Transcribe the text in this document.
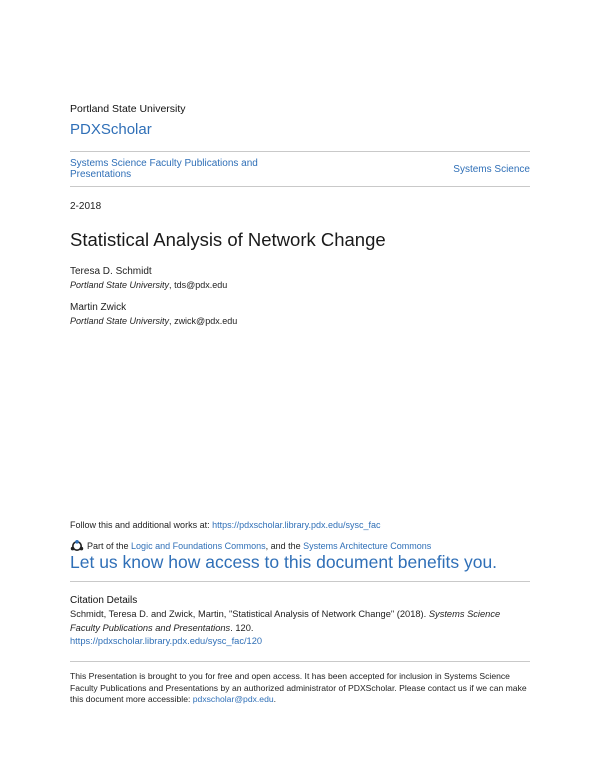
Portland State University
PDXScholar
Systems Science Faculty Publications and Presentations	Systems Science
2-2018
Statistical Analysis of Network Change
Teresa D. Schmidt
Portland State University, tds@pdx.edu
Martin Zwick
Portland State University, zwick@pdx.edu
Follow this and additional works at: https://pdxscholar.library.pdx.edu/sysc_fac
Part of the
Logic and Foundations Commons , and the
Systems Architecture Commons
Let us know how access to this document benefits you.
Citation Details
Schmidt, Teresa D. and Zwick, Martin, "Statistical Analysis of Network Change" (2018). Systems Science Faculty Publications and Presentations. 120.
https://pdxscholar.library.pdx.edu/sysc_fac/120
This Presentation is brought to you for free and open access. It has been accepted for inclusion in Systems Science Faculty Publications and Presentations by an authorized administrator of PDXScholar. Please contact us if we can make this document more accessible: pdxscholar@pdx.edu.
